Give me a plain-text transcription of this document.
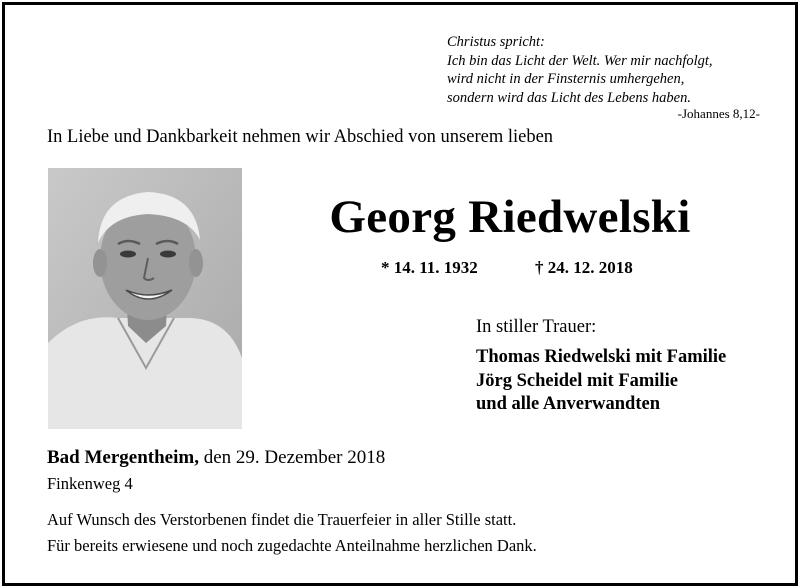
Christus spricht:
Ich bin das Licht der Welt. Wer mir nachfolgt,
wird nicht in der Finsternis umhergehen,
sondern wird das Licht des Lebens haben.
-Johannes 8,12-
In Liebe und Dankbarkeit nehmen wir Abschied von unserem lieben
Georg Riedwelski
* 14. 11. 1932	† 24. 12. 2018
In stiller Trauer:
Thomas Riedwelski mit Familie
Jörg Scheidel mit Familie
und alle Anverwandten
Bad Mergentheim, den 29. Dezember 2018
Finkenweg 4
Auf Wunsch des Verstorbenen findet die Trauerfeier in aller Stille statt.
Für bereits erwiesene und noch zugedachte Anteilnahme herzlichen Dank.
